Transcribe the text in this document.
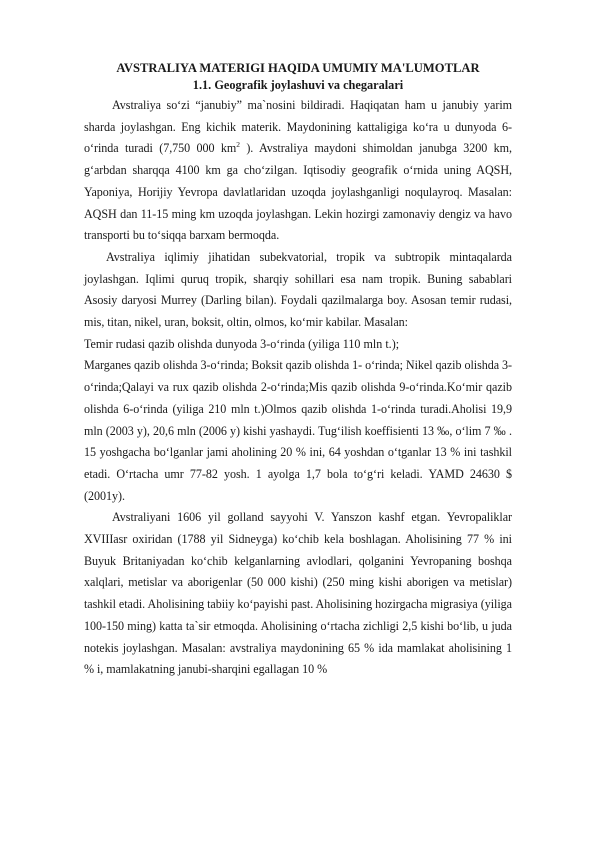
AVSTRALIYA MATERIGI HAQIDA UMUMIY MA'LUMOTLAR

1.1. Geografik joylashuvi va chegaralari

Avstraliya so‘zi “janubiy” ma`nosini bildiradi. Haqiqatan ham u janubiy yarim sharda joylashgan. Eng kichik materik. Maydonining kattaligiga ko‘ra u dunyoda 6-o‘rinda turadi (7,750 000 $km^2$ ). Avstraliya maydoni shimoldan janubga 3200 km, g‘arbdan sharqqa 4100 km ga cho‘zilgan. Iqtisodiy geografik o‘rnida uning AQSH, Yaponiya, Horijiy Yevropa davlatlaridan uzoqda joylashganligi noqulayroq. Masalan: AQSH dan 11-15 ming km uzoqda joylashgan. Lekin hozirgi zamonaviy dengiz va havo transporti bu to‘siqqa barxam bermoqda.

Avstraliya iqlimiy jihatidan subekvatorial, tropik va subtropik mintaqalarda joylashgan. Iqlimi quruq tropik, sharqiy sohillari esa nam tropik. Buning sabablari Asosiy daryosi Murrey (Darling bilan). Foydali qazilmalarga boy. Asosan temir rudasi, mis, titan, nikel, uran, boksit, oltin, olmos, ko‘mir kabilar. Masalan:

Temir rudasi qazib olishda dunyoda 3-o‘rinda (yiliga 110 mln t.);

Marganes qazib olishda 3-o‘rinda; Boksit qazib olishda 1- o‘rinda; Nikel qazib olishda 3-o‘rinda;Qalayi va rux qazib olishda 2-o‘rinda;Mis qazib olishda 9-o‘rinda.Ko‘mir qazib olishda 6-o‘rinda (yiliga 210 mln t.)Olmos qazib olishda 1-o‘rinda turadi.Aholisi 19,9 mln (2003 y), 20,6 mln (2006 y) kishi yashaydi. Tug‘ilish koeffisienti 13 ‰, o‘lim 7 ‰ . 15 yoshgacha bo‘lganlar jami aholining 20 % ini, 64 yoshdan o‘tganlar 13 % ini tashkil etadi. O‘rtacha umr 77-82 yosh. 1 ayolga 1,7 bola to‘g‘ri keladi. YAMD 24630 $ (2001y).

Avstraliyani 1606 yil golland sayyohi V. Yanszon kashf etgan. Yevropaliklar XVIIIasr oxiridan (1788 yil Sidneyga) ko‘chib kela boshlagan. Aholisining 77 % ini Buyuk Britaniyadan ko‘chib kelganlarning avlodlari, qolganini Yevropaning boshqa xalqlari, metislar va aborigenlar (50 000 kishi) (250 ming kishi aborigen va metislar) tashkil etadi. Aholisining tabiiy ko‘payishi past. Aholisining hozirgacha migrasiya (yiliga 100-150 ming) katta ta`sir etmoqda. Aholisining o‘rtacha zichligi 2,5 kishi bo‘lib, u juda notekis joylashgan. Masalan: avstraliya maydonining 65 % ida mamlakat aholisining 1 % i, mamlakatning janubi-sharqini egallagan 10 %
